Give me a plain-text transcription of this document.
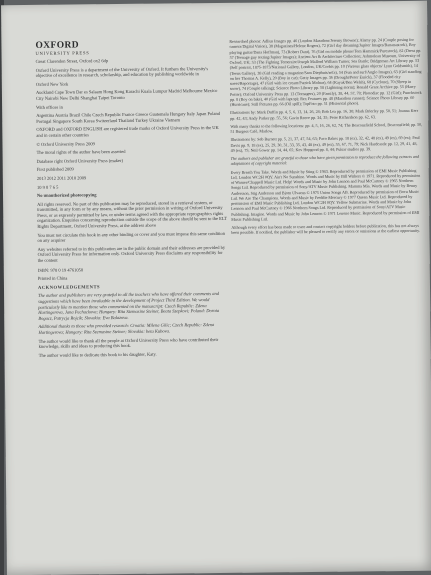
OXFORD
UNIVERSITY PRESS

Great Clarendon Street, Oxford ox2 6dp

Oxford University Press is a department of the University of Oxford. It furthers the University's objective of excellence in research, scholarship, and education by publishing worldwide in

Oxford New York

Auckland Cape Town Dar es Salaam Hong Kong Karachi Kuala Lumpur Madrid Melbourne Mexico City Nairobi New Delhi Shanghai Taipei Toronto

With offices in

Argentina Austria Brazil Chile Czech Republic France Greece Guatemala Hungary Italy Japan Poland Portugal Singapore South Korea Switzerland Thailand Turkey Ukraine Vietnam

OXFORD and OXFORD ENGLISH are registered trade marks of Oxford University Press in the UK and in certain other countries

© Oxford University Press 2009

The moral rights of the author have been asserted

Database right Oxford University Press (maker)

First published 2009

2013 2012 2011 2010 2009

10 9 8 7 6 5

No unauthorized photocopying

All rights reserved. No part of this publication may be reproduced, stored in a retrieval system, or transmitted, in any form or by any means, without the prior permission in writing of Oxford University Press, or as expressly permitted by law, or under terms agreed with the appropriate reprographics rights organization. Enquiries concerning reproduction outside the scope of the above should be sent to the ELT Rights Department, Oxford University Press, at the address above

You must not circulate this book in any other binding or cover and you must impose this same condition on any acquirer

Any websites referred to in this publication are in the public domain and their addresses are provided by Oxford University Press for information only. Oxford University Press disclaims any responsibility for the content

ISBN: 978 0 19 4761058

Printed in China

ACKNOWLEDGEMENTS

The author and publishers are very grateful to all the teachers who have offered their comments and suggestions which have been invaluable in the development of Project Third Edition. We would particularly like to mention those who commented on the manuscript: Czech Republic: Zdena Hartingerova, Jana Pechackova; Hungary: Rita Szemasine Steiner, Beata Szepkovi; Poland: Dorota Bogacz, Patrycja Rojcik; Slovakia: Eva Balazova.

Additional thanks to those who provided research: Croatia: Milena Gilic; Czech Republic: Zdena Hartingerova; Hungary: Rita Szemasine Steiner; Slovakia: beta Kubova.

The author would like to thank all the people at Oxford University Press who have contributed their knowledge, skills and ideas to producing this book.

The author would like to dedicate this book to his daughter, Katy.

Researched photos: Adlius Images pp. 46 (London Marathon/Jeremy Browne); Alamy pp. 24 (Couple posing for camera/Digital Vision), 38 (Magazines/Helene Rogers), 72 (Girl day dreaming/Jupiter Images/Bananastock), Boy playing guitar/Dana Hoffman), 73 (Robert Dant), 76 (Girl on mobile phone/Tom Hammick/Purestock), 82 (Dress pp. 57 (Teenage guy texting/Jupiter Images); Ancient Art & Architecture Collection; Ashmolean Museum, University of Oxford, UK; 53 (The Fighting Temeraire/Joseph Mallord William Turner, Sea Battle; Bridgeman Art Library pp. 53 (Self portrait, 1875-1873/National Gallery, London, UK/Corbis pp. 10 (Various glass objects/ Lynn Goldsmith), 14 (Teens Gallery), 38 (Girl reading a magazine/Sam Diephuis/zefa), 54 (Sun and surf/Anglo Images), 63 (Girl standing on her Thomas A. Kelly), 20 (Boy in car); Getty Images pp. 36 (Drought/Peter Essick), 37 (Flooded city street/Reportage), 47 (Girl with ice cream/Patrick Molnar), 64 (Kayak/Ben Welsh), 68 (Cyclone), 70 (Sheep in snow), 74 (Couple talking); Science Photo Library pp. 58 (Lightning storm); Ronald Grant Archive pp. 55 (Harry Potter); Oxford University Press pp. 13 (Teenagers), 20 (Family), 38, 44, 57, 78; Photodisc pp. 12 (Girl); Punchstock pp. 8 (Boy on bike), 40 (Girl with laptop); Rex Features pp. 48 (Marathon runner); Science Photo Library pp. 60 (Hurricane); Still Pictures pp. 66 (Oil spill); TopFoto pp. 51 (Historical photo).

Illustrations by: Mark Duffin pp. 4, 5, 6, 13, 14, 26, 28; Bob Lea pp. 16, 30; Mark Brierley pp. 50, 51; Joanna Kerr pp. 42, 43; Andy Parker pp. 55, 56; Gavin Reece pp. 34, 35; Peter Richardson pp. 62, 63.

With many thanks to the following locations: pp. 4, 5, 16, 26, 62, 74; The Beaconsfield School, Beaconsfield; pp. 50, 51 Burgess Café, Marlow.

Illustrations by: Seb Burnett pp. 5, 21, 37, 47, 54, 63; Paco Bakes pp. 18 (ex), 32, 42, 48 (ex), 49 (ex), 69 (ex); Paul Davis pp. 9, 18 (ex), 25, 29, 30, 31, 33, 35, 43, 48 (ex), 49 (ex), 55, 67, 71, 79; Nick Hardcastle pp. 12, 29, 41, 48, 49 (ex), 75; Neil Gower pp. 14, 44, 65; Kev Hopgood pp. 8, 44; Pulsar studios pp. 39.

The authors and publisher are grateful to those who have given permission to reproduce the following extracts and adaptations of copyright material:

Every Breath You Take. Words and Music by Sting © 1983. Reproduced by permission of EMI Music Publishing Ltd, London WC2H 0QY. Ain't No Sunshine. Words and Music by Bill Withers © 1971. Reproduced by permission of Warner/Chappell Music Ltd. Help! Words and Music by John Lennon and Paul McCartney © 1965 Northern Songs Ltd. Reproduced by permission of Sony/ATV Music Publishing. Mamma Mia. Words and Music by Benny Andersson, Stig Anderson and Bjorn Ulvaeus © 1975 Union Songs AB. Reproduced by permission of Bocu Music Ltd. We Are The Champions. Words and Music by Freddie Mercury © 1977 Queen Music Ltd. Reproduced by permission of EMI Music Publishing Ltd, London WC2H 0QY. Yellow Submarine. Words and Music by John Lennon and Paul McCartney © 1966 Northern Songs Ltd. Reproduced by permission of Sony/ATV Music Publishing. Imagine. Words and Music by John Lennon © 1971 Lenono Music. Reproduced by permission of EMI Music Publishing Ltd.

Although every effort has been made to trace and contact copyright holders before publication, this has not always been possible. If notified, the publisher will be pleased to rectify any errors or omissions at the earliest opportunity.
